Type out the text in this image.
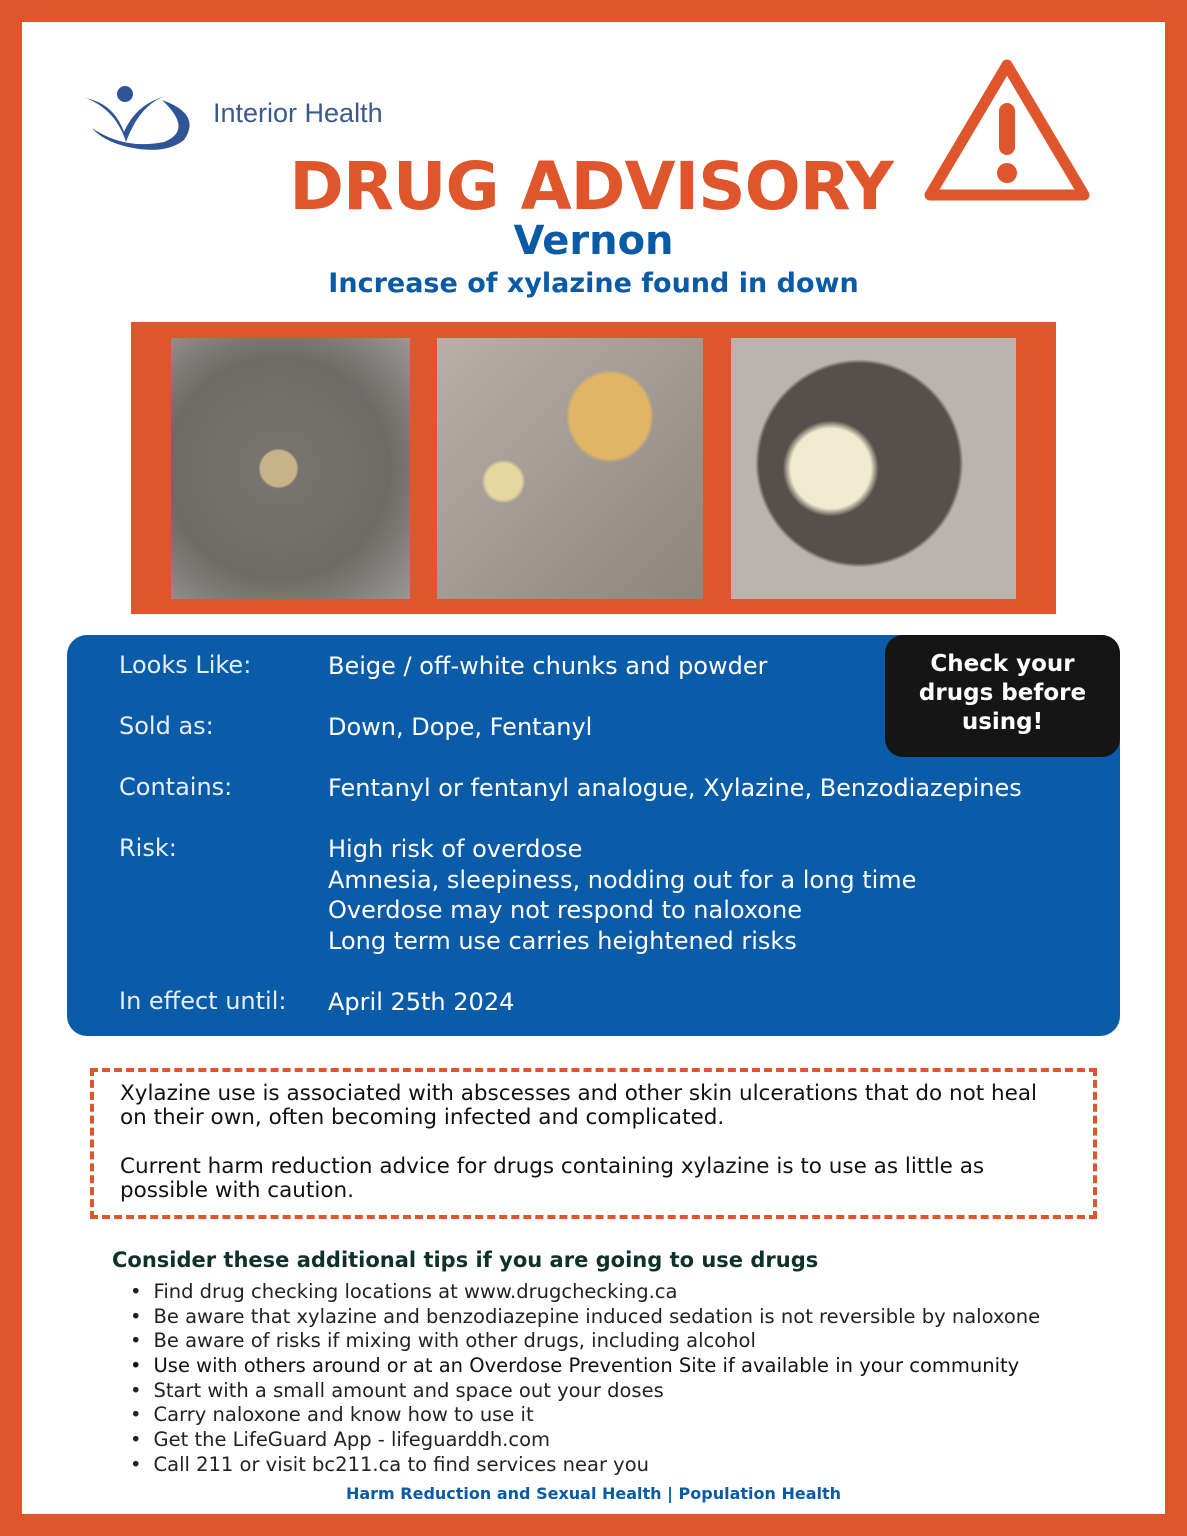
Interior Health
DRUG ADVISORY
Vernon
Increase of xylazine found in down
Looks Like:	Beige / off-white chunks and powder
Sold as:	Down, Dope, Fentanyl
Contains:	Fentanyl or fentanyl analogue, Xylazine, Benzodiazepines
Risk:	High risk of overdose
Amnesia, sleepiness, nodding out for a long time
Overdose may not respond to naloxone
Long term use carries heightened risks
In effect until:	April 25th 2024
Check your
drugs before
using!

Xylazine use is associated with abscesses and other skin ulcerations that do not heal on their own, often becoming infected and complicated.

Current harm reduction advice for drugs containing xylazine is to use as little as possible with caution.

Consider these additional tips if you are going to use drugs
• Find drug checking locations at www.drugchecking.ca
• Be aware that xylazine and benzodiazepine induced sedation is not reversible by naloxone
• Be aware of risks if mixing with other drugs, including alcohol
• Use with others around or at an Overdose Prevention Site if available in your community
• Start with a small amount and space out your doses
• Carry naloxone and know how to use it
• Get the LifeGuard App - lifeguarddh.com
• Call 211 or visit bc211.ca to find services near you
Harm Reduction and Sexual Health | Population Health
